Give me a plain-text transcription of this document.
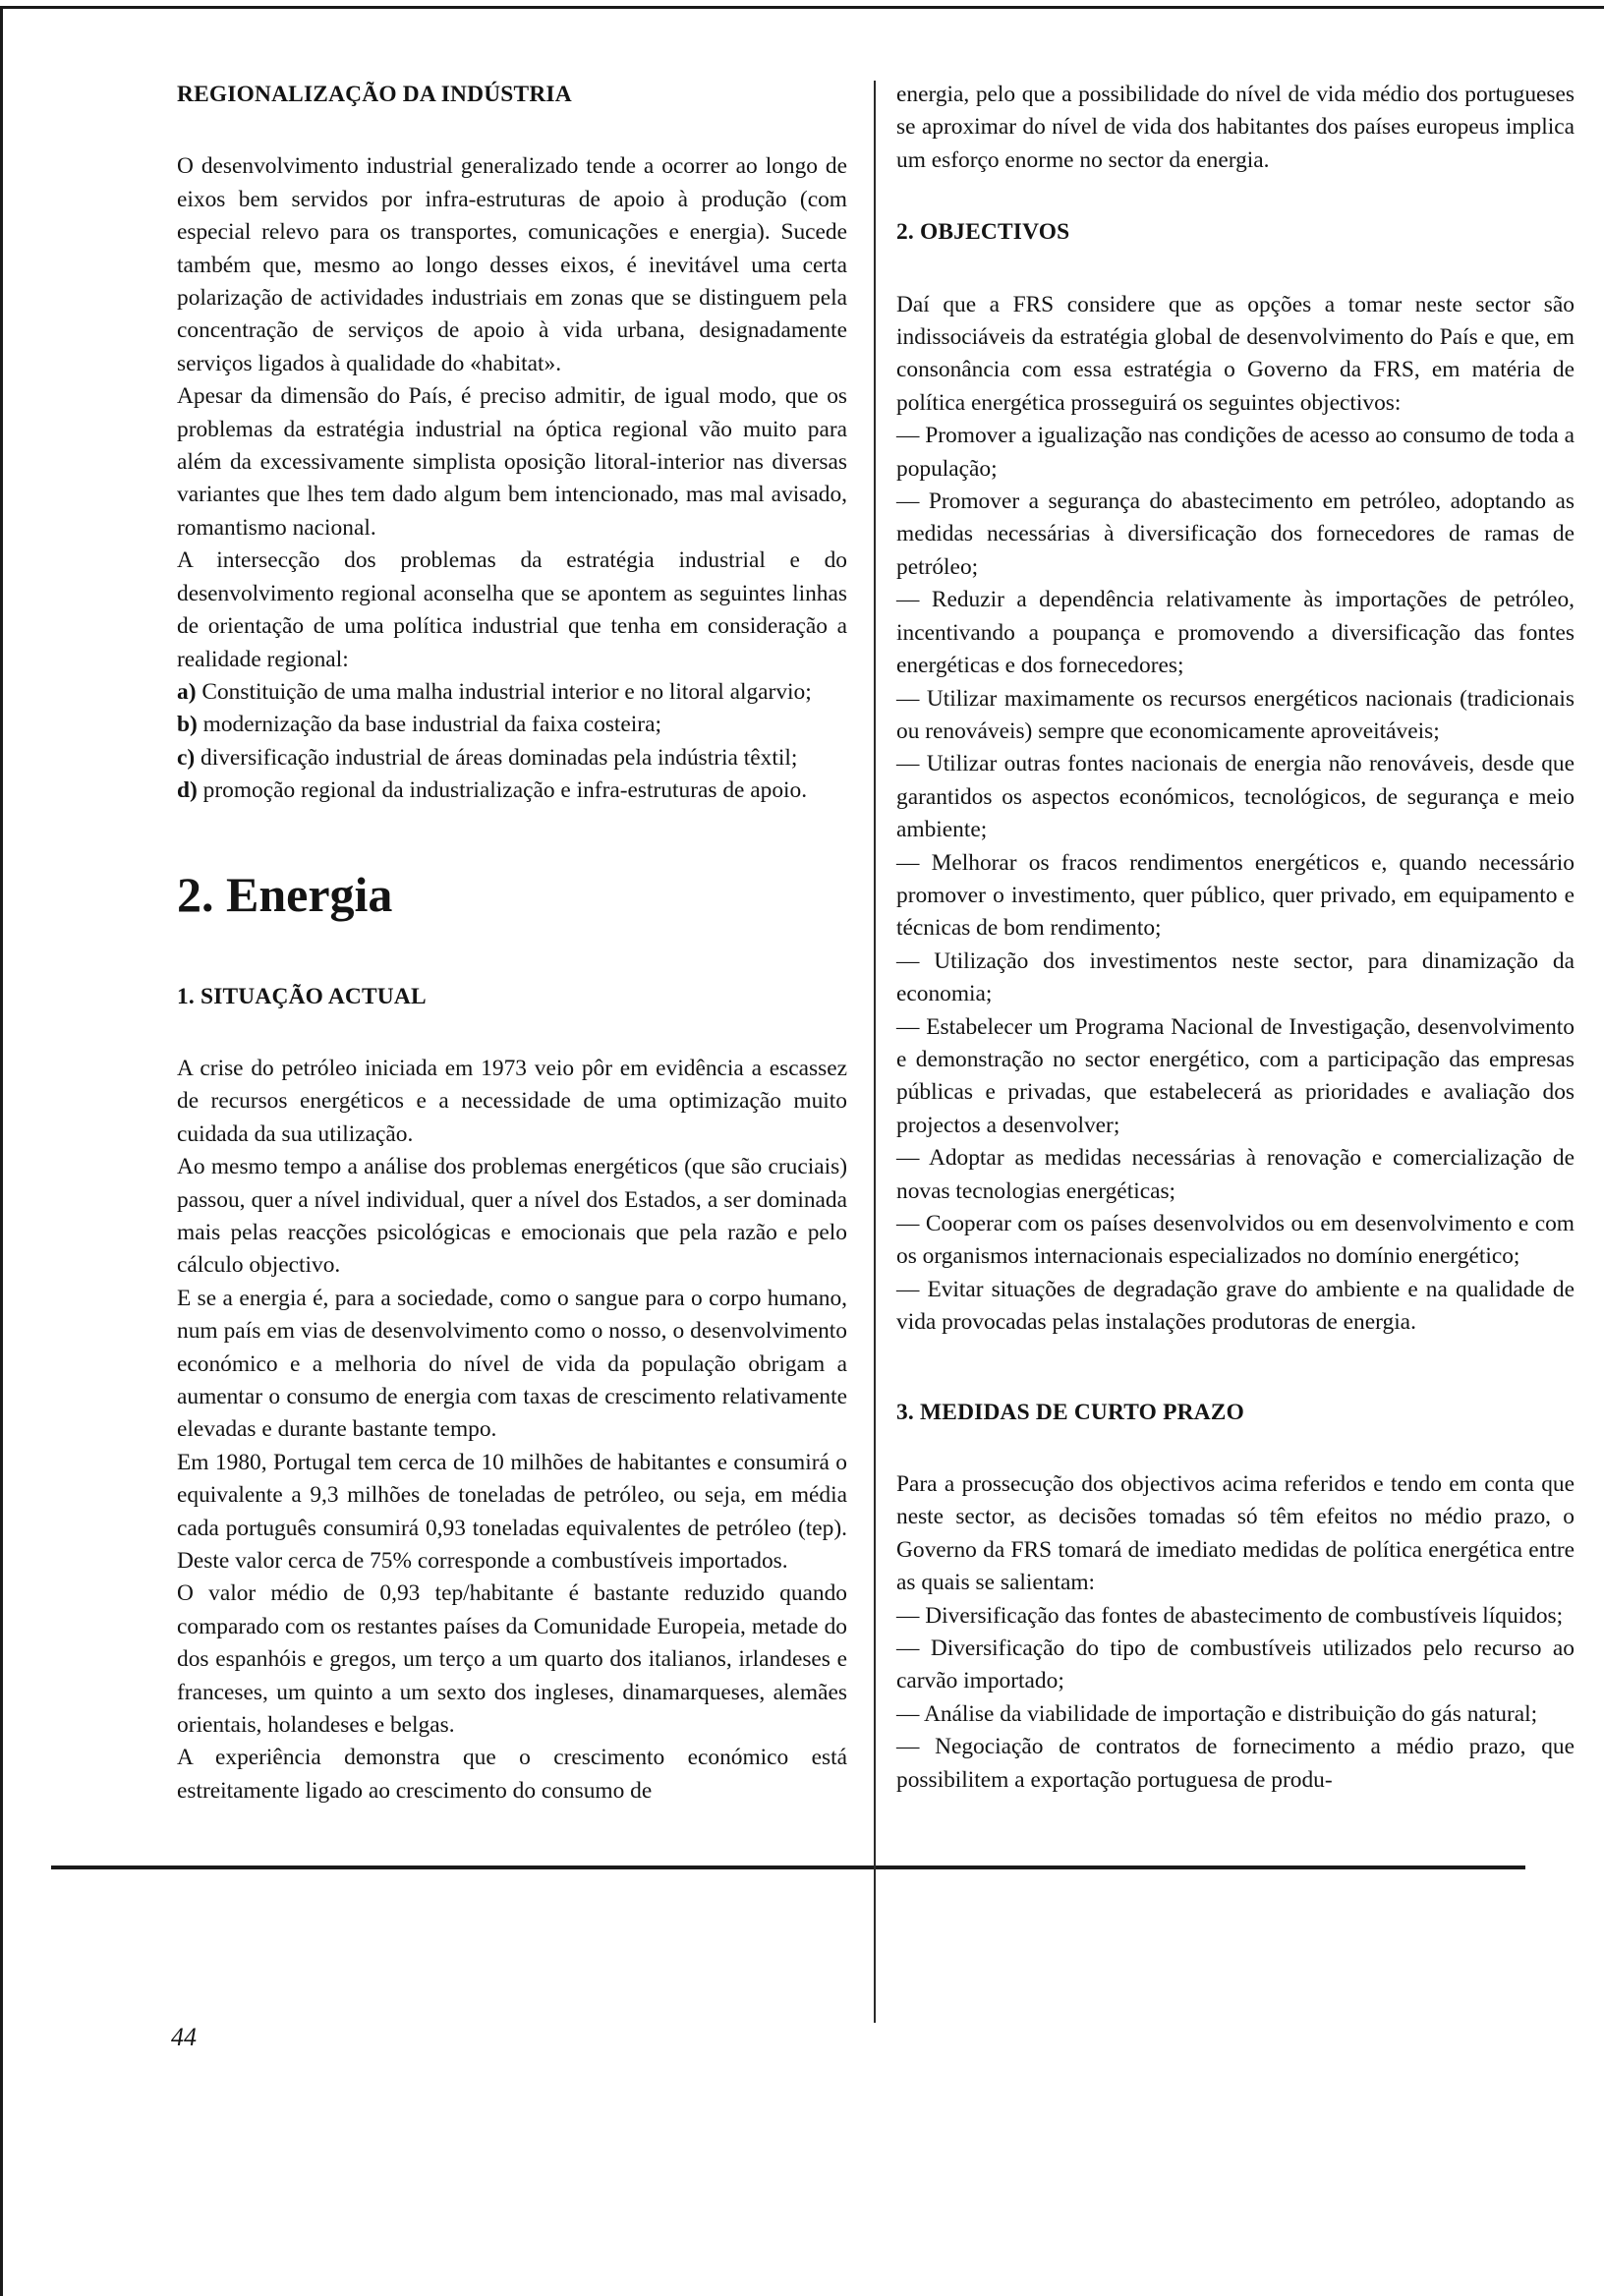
REGIONALIZAÇÃO DA INDÚSTRIA

O desenvolvimento industrial generalizado tende a ocorrer ao longo de eixos bem servidos por infra-estruturas de apoio à produção (com especial relevo para os transportes, comunicações e energia). Sucede também que, mesmo ao longo desses eixos, é inevitável uma certa polarização de actividades industriais em zonas que se distinguem pela concentração de serviços de apoio à vida urbana, designadamente serviços ligados à qualidade do «habitat».

Apesar da dimensão do País, é preciso admitir, de igual modo, que os problemas da estratégia industrial na óptica regional vão muito para além da excessivamente simplista oposição litoral-interior nas diversas variantes que lhes tem dado algum bem intencionado, mas mal avisado, romantismo nacional.

A intersecção dos problemas da estratégia industrial e do desenvolvimento regional aconselha que se apontem as seguintes linhas de orientação de uma política industrial que tenha em consideração a realidade regional:

a) Constituição de uma malha industrial interior e no litoral algarvio;

b) modernização da base industrial da faixa costeira;

c) diversificação industrial de áreas dominadas pela indústria têxtil;

d) promoção regional da industrialização e infra-estruturas de apoio.

2. Energia
1. SITUAÇÃO ACTUAL

A crise do petróleo iniciada em 1973 veio pôr em evidência a escassez de recursos energéticos e a necessidade de uma optimização muito cuidada da sua utilização.

Ao mesmo tempo a análise dos problemas energéticos (que são cruciais) passou, quer a nível individual, quer a nível dos Estados, a ser dominada mais pelas reacções psicológicas e emocionais que pela razão e pelo cálculo objectivo.

E se a energia é, para a sociedade, como o sangue para o corpo humano, num país em vias de desenvolvimento como o nosso, o desenvolvimento económico e a melhoria do nível de vida da população obrigam a aumentar o consumo de energia com taxas de crescimento relativamente elevadas e durante bastante tempo.

Em 1980, Portugal tem cerca de 10 milhões de habitantes e consumirá o equivalente a 9,3 milhões de toneladas de petróleo, ou seja, em média cada português consumirá 0,93 toneladas equivalentes de petróleo (tep). Deste valor cerca de 75% corresponde a combustíveis importados.

O valor médio de 0,93 tep/habitante é bastante reduzido quando comparado com os restantes países da Comunidade Europeia, metade do dos espanhóis e gregos, um terço a um quarto dos italianos, irlandeses e franceses, um quinto a um sexto dos ingleses, dinamarqueses, alemães orientais, holandeses e belgas.

A experiência demonstra que o crescimento económico está estreitamente ligado ao crescimento do consumo de

energia, pelo que a possibilidade do nível de vida médio dos portugueses se aproximar do nível de vida dos habitantes dos países europeus implica um esforço enorme no sector da energia.

2. OBJECTIVOS

Daí que a FRS considere que as opções a tomar neste sector são indissociáveis da estratégia global de desenvolvimento do País e que, em consonância com essa estratégia o Governo da FRS, em matéria de política energética prosseguirá os seguintes objectivos:

— Promover a igualização nas condições de acesso ao consumo de toda a população;

— Promover a segurança do abastecimento em petróleo, adoptando as medidas necessárias à diversificação dos fornecedores de ramas de petróleo;

— Reduzir a dependência relativamente às importações de petróleo, incentivando a poupança e promovendo a diversificação das fontes energéticas e dos fornecedores;

— Utilizar maximamente os recursos energéticos nacionais (tradicionais ou renováveis) sempre que economicamente aproveitáveis;

— Utilizar outras fontes nacionais de energia não renováveis, desde que garantidos os aspectos económicos, tecnológicos, de segurança e meio ambiente;

— Melhorar os fracos rendimentos energéticos e, quando necessário promover o investimento, quer público, quer privado, em equipamento e técnicas de bom rendimento;

— Utilização dos investimentos neste sector, para dinamização da economia;

— Estabelecer um Programa Nacional de Investigação, desenvolvimento e demonstração no sector energético, com a participação das empresas públicas e privadas, que estabelecerá as prioridades e avaliação dos projectos a desenvolver;

— Adoptar as medidas necessárias à renovação e comercialização de novas tecnologias energéticas;

— Cooperar com os países desenvolvidos ou em desenvolvimento e com os organismos internacionais especializados no domínio energético;

— Evitar situações de degradação grave do ambiente e na qualidade de vida provocadas pelas instalações produtoras de energia.

3. MEDIDAS DE CURTO PRAZO

Para a prossecução dos objectivos acima referidos e tendo em conta que neste sector, as decisões tomadas só têm efeitos no médio prazo, o Governo da FRS tomará de imediato medidas de política energética entre as quais se salientam:

— Diversificação das fontes de abastecimento de combustíveis líquidos;

— Diversificação do tipo de combustíveis utilizados pelo recurso ao carvão importado;

— Análise da viabilidade de importação e distribuição do gás natural;

— Negociação de contratos de fornecimento a médio prazo, que possibilitem a exportação portuguesa de produ-

44
